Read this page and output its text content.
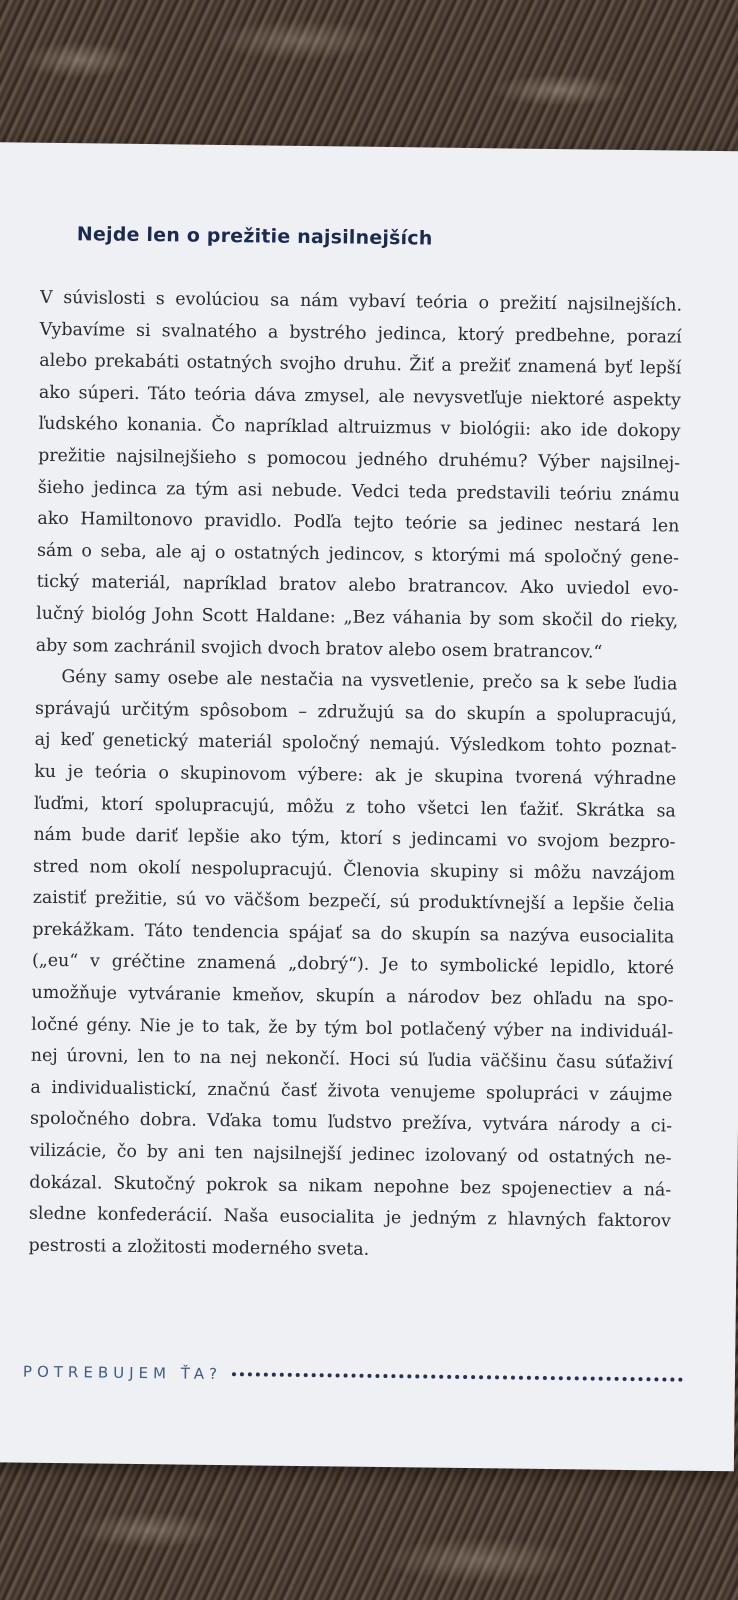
Nejde len o prežitie najsilnejších
V súvislosti s evolúciou sa nám vybaví teória o prežití najsilnejších.
Vybavíme si svalnatého a bystrého jedinca, ktorý predbehne, porazí
alebo prekabáti ostatných svojho druhu. Žiť a prežiť znamená byť lepší
ako súperi. Táto teória dáva zmysel, ale nevysvetľuje niektoré aspekty
ľudského konania. Čo napríklad altruizmus v biológii: ako ide dokopy
prežitie najsilnejšieho s pomocou jedného druhému? Výber najsilnej-
šieho jedinca za tým asi nebude. Vedci teda predstavili teóriu známu
ako Hamiltonovo pravidlo. Podľa tejto teórie sa jedinec nestará len
sám o seba, ale aj o ostatných jedincov, s ktorými má spoločný gene-
tický materiál, napríklad bratov alebo bratrancov. Ako uviedol evo-
lučný biológ John Scott Haldane: „Bez váhania by som skočil do rieky,
aby som zachránil svojich dvoch bratov alebo osem bratrancov.“
Gény samy osebe ale nestačia na vysvetlenie, prečo sa k sebe ľudia
správajú určitým spôsobom – združujú sa do skupín a spolupracujú,
aj keď genetický materiál spoločný nemajú. Výsledkom tohto poznat-
ku je teória o skupinovom výbere: ak je skupina tvorená výhradne
ľuďmi, ktorí spolupracujú, môžu z toho všetci len ťažiť. Skrátka sa
nám bude dariť lepšie ako tým, ktorí s jedincami vo svojom bezpro-
stred nom okolí nespolupracujú. Členovia skupiny si môžu navzájom
zaistiť prežitie, sú vo väčšom bezpečí, sú produktívnejší a lepšie čelia
prekážkam. Táto tendencia spájať sa do skupín sa nazýva eusocialita
(„eu“ v gréčtine znamená „dobrý“). Je to symbolické lepidlo, ktoré
umožňuje vytváranie kmeňov, skupín a národov bez ohľadu na spo-
ločné gény. Nie je to tak, že by tým bol potlačený výber na individuál-
nej úrovni, len to na nej nekončí. Hoci sú ľudia väčšinu času súťaživí
a individualistickí, značnú časť života venujeme spolupráci v záujme
spoločného dobra. Vďaka tomu ľudstvo prežíva, vytvára národy a ci-
vilizácie, čo by ani ten najsilnejší jedinec izolovaný od ostatných ne-
dokázal. Skutočný pokrok sa nikam nepohne bez spojenectiev a ná-
sledne konfederácií. Naša eusocialita je jedným z hlavných faktorov
pestrosti a zložitosti moderného sveta.
POTREBUJEM ŤA?
